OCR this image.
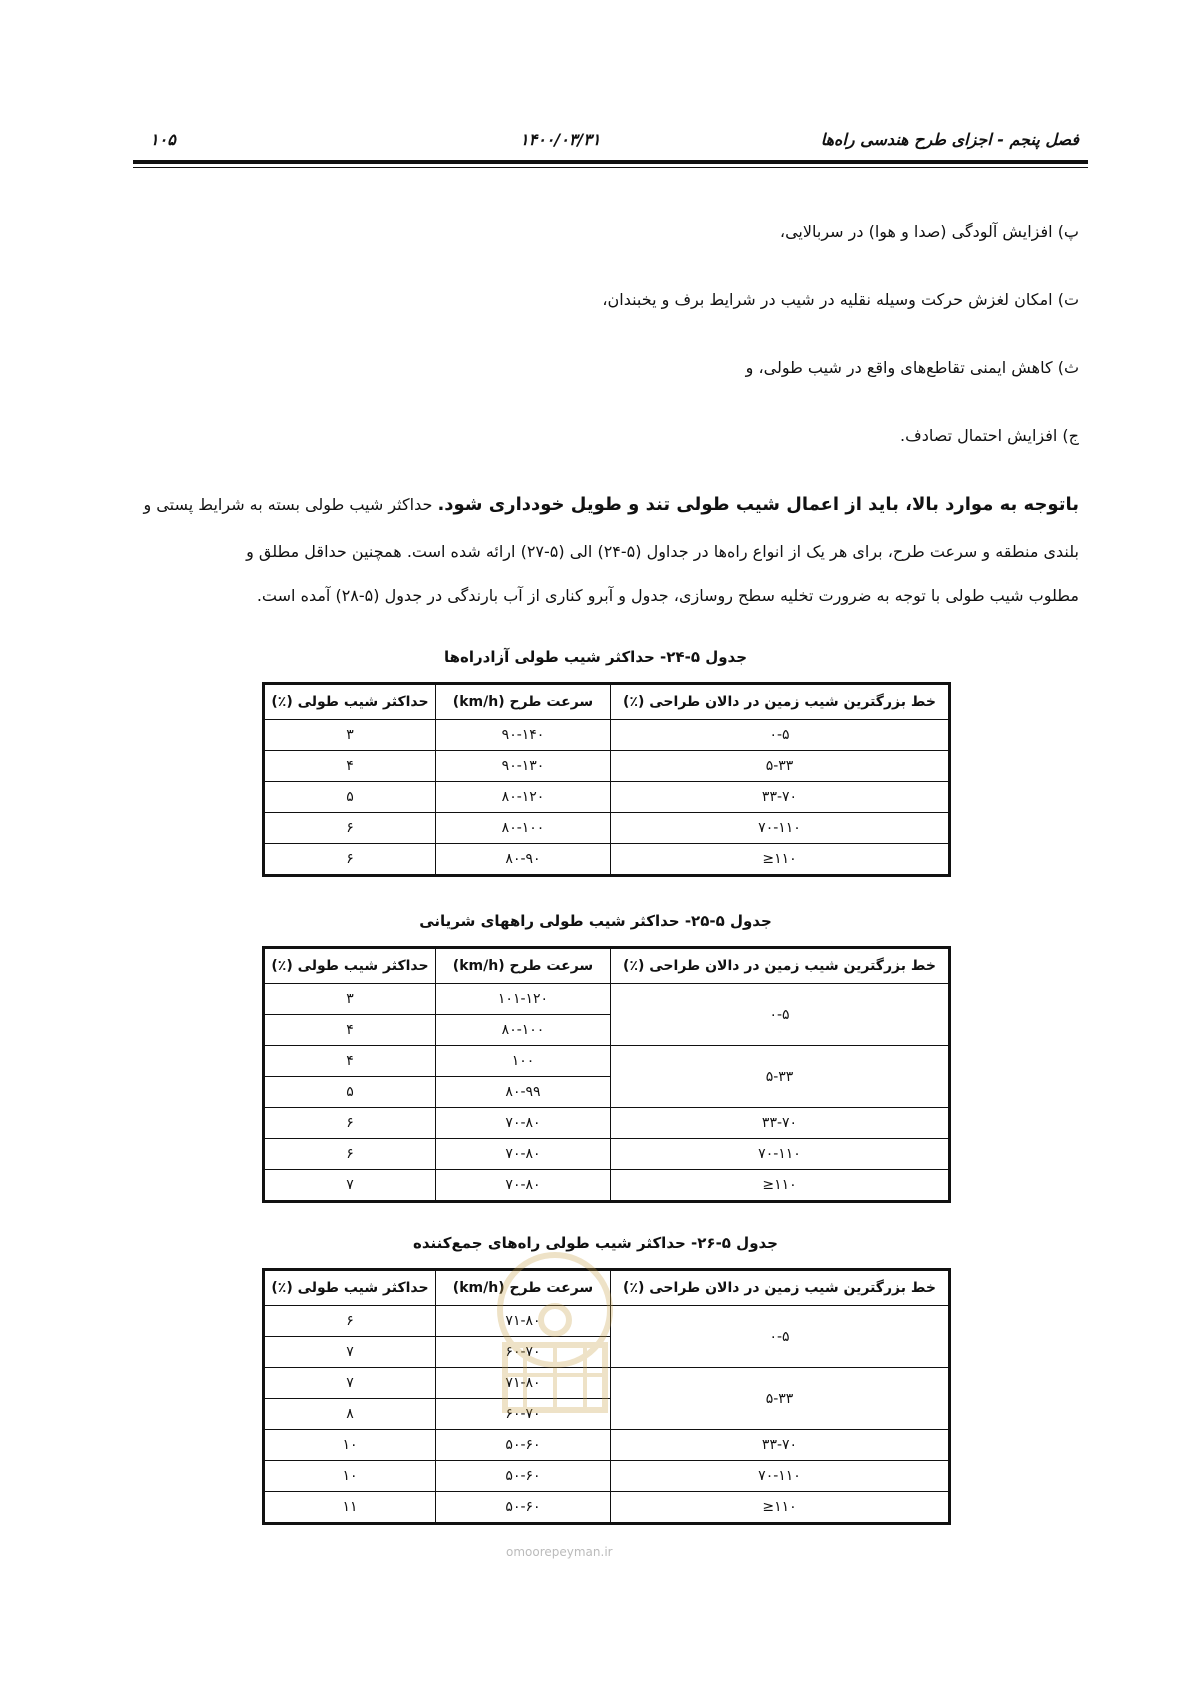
فصل پنجم - اجزای طرح هندسی راه‌ها
۱۴۰۰/۰۳/۳۱
۱۰۵
پ) افزایش آلودگی (صدا و هوا) در سربالایی،
ت) امکان لغزش حرکت وسیله نقلیه در شیب در شرایط برف و یخبندان،
ث) کاهش ایمنی تقاطع‌های واقع در شیب طولی، و
ج) افزایش احتمال تصادف.
باتوجه به موارد بالا، باید از اعمال شیب طولی تند و طویل خودداری شود. حداکثر شیب طولی بسته به شرایط پستی و
بلندی منطقه و سرعت طرح، برای هر یک از انواع راه‌ها در جداول (۵-۲۴) الی (۵-۲۷) ارائه شده است. همچنین حداقل مطلق و
مطلوب شیب طولی با توجه به ضرورت تخلیه سطح روسازی، جدول و آبرو کناری از آب بارندگی در جدول (۵-۲۸) آمده است.
جدول ۵-۲۴- حداکثر شیب طولی آزادراه‌ها
خط بزرگترین شیب زمین در دالان طراحی (٪)	سرعت طرح (km/h)	حداکثر شیب طولی (٪)
۰-۵	۹۰-۱۴۰	۳
۵-۳۳	۹۰-۱۳۰	۴
۳۳-۷۰	۸۰-۱۲۰	۵
۷۰-۱۱۰	۸۰-۱۰۰	۶
۱۱۰≤	۸۰-۹۰	۶
جدول ۵-۲۵- حداکثر شیب طولی راههای شریانی
خط بزرگترین شیب زمین در دالان طراحی (٪)	سرعت طرح (km/h)	حداکثر شیب طولی (٪)
۰-۵	۱۰۱-۱۲۰	۳
	۸۰-۱۰۰	۴
۵-۳۳	۱۰۰	۴
	۸۰-۹۹	۵
۳۳-۷۰	۷۰-۸۰	۶
۷۰-۱۱۰	۷۰-۸۰	۶
۱۱۰≤	۷۰-۸۰	۷
جدول ۵-۲۶- حداکثر شیب طولی راه‌های جمع‌کننده
خط بزرگترین شیب زمین در دالان طراحی (٪)	سرعت طرح (km/h)	حداکثر شیب طولی (٪)
۰-۵	۷۱-۸۰	۶
	۶۰-۷۰	۷
۵-۳۳	۷۱-۸۰	۷
	۶۰-۷۰	۸
۳۳-۷۰	۵۰-۶۰	۱۰
۷۰-۱۱۰	۵۰-۶۰	۱۰
۱۱۰≤	۵۰-۶۰	۱۱
omoorepeyman.ir
